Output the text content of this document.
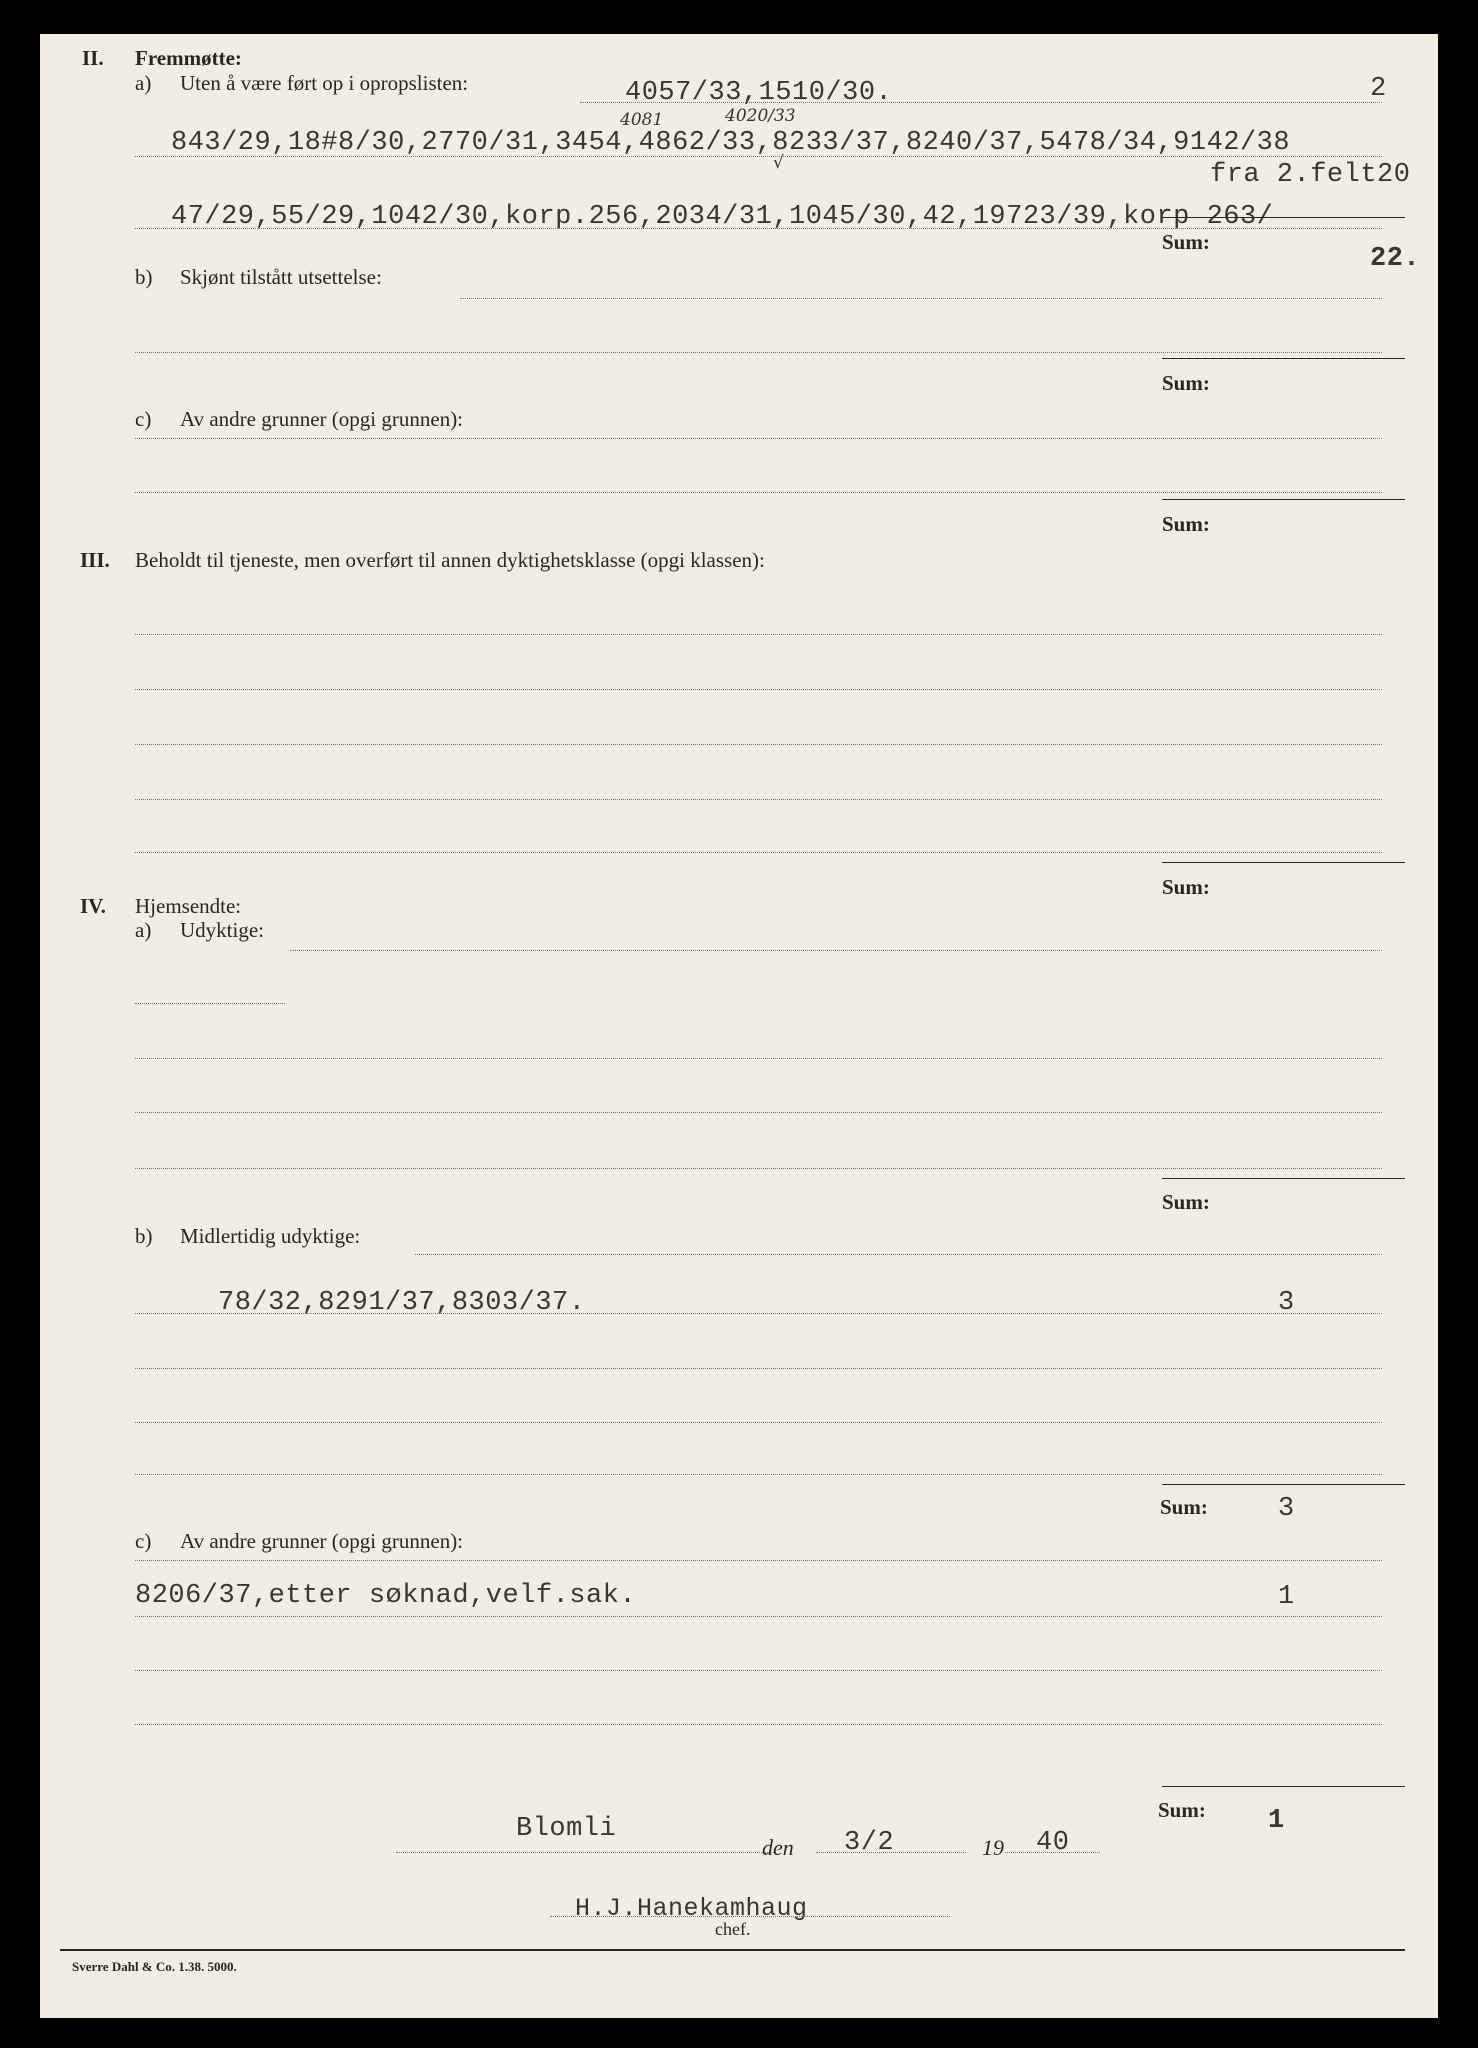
II. Fremmøtte:
a) Uten å være ført op i opropslisten:	4057/33,1510/30.	2
4081	4020/33
843/29,18#8/30,2770/31,3454,4862/33,8233/37,8240/37,5478/34,9142/38
√	fra 2.felt20
47/29,55/29,1042/30,korp.256,2034/31,1045/30,42,19723/39,korp 263/
Sum:
22.
b) Skjønt tilstått utsettelse:
Sum:
c) Av andre grunner (opgi grunnen):
Sum:
III. Beholdt til tjeneste, men overført til annen dyktighetsklasse (opgi klassen):
Sum:
IV. Hjemsendte:
a) Udyktige:
Sum:
b) Midlertidig udyktige:
78/32,8291/37,8303/37.	3
Sum:	3
c) Av andre grunner (opgi grunnen):
8206/37,etter søknad,velf.sak.	1
Sum: 1
Blomli
den 3/2	19 40
H.J.Hanekamhaug
chef.
Sverre Dahl & Co. 1.38. 5000.
